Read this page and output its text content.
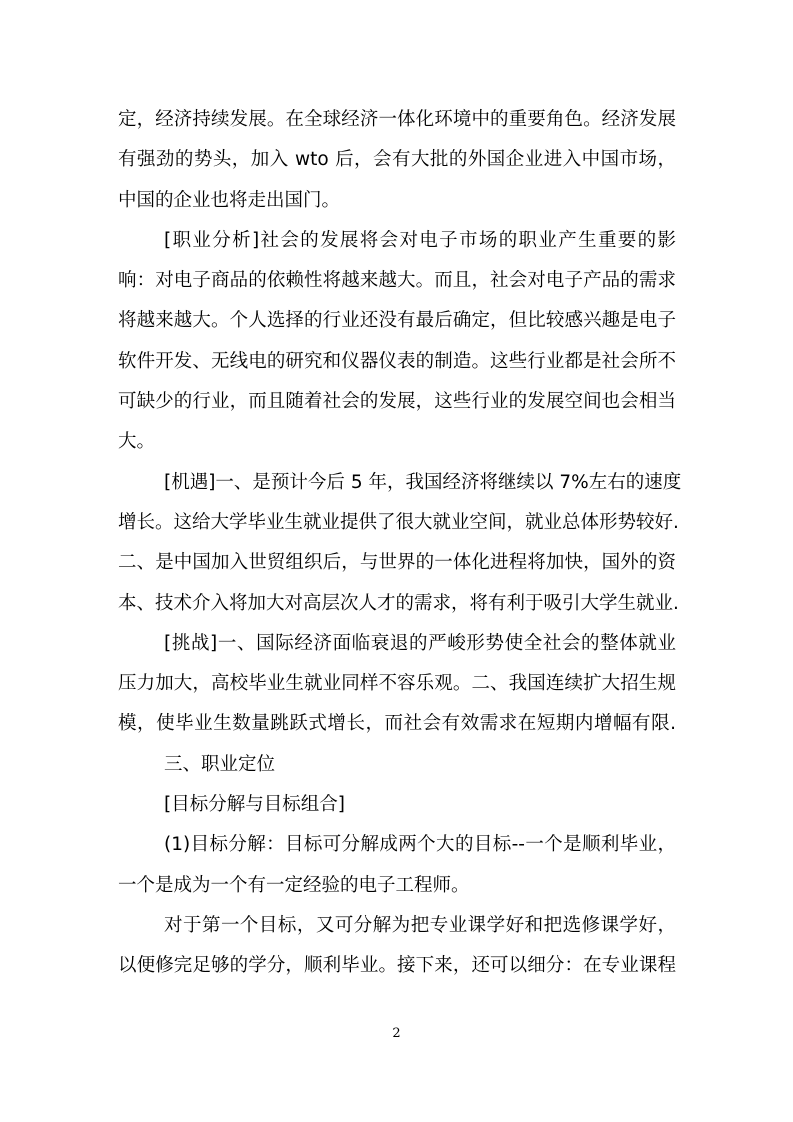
定，经济持续发展。在全球经济一体化环境中的重要角色。经济发展
有强劲的势头，加入 wto 后，会有大批的外国企业进入中国市场，
中国的企业也将走出国门。
[职业分析]社会的发展将会对电子市场的职业产生重要的影
响：对电子商品的依赖性将越来越大。而且，社会对电子产品的需求
将越来越大。个人选择的行业还没有最后确定，但比较感兴趣是电子
软件开发、无线电的研究和仪器仪表的制造。这些行业都是社会所不
可缺少的行业，而且随着社会的发展，这些行业的发展空间也会相当
大。
[机遇]一、是预计今后 5 年，我国经济将继续以 7%左右的速度
增长。这给大学毕业生就业提供了很大就业空间，就业总体形势较好.
二、是中国加入世贸组织后，与世界的一体化进程将加快，国外的资
本、技术介入将加大对高层次人才的需求，将有利于吸引大学生就业.
[挑战]一、国际经济面临衰退的严峻形势使全社会的整体就业
压力加大，高校毕业生就业同样不容乐观。二、我国连续扩大招生规
模，使毕业生数量跳跃式增长，而社会有效需求在短期内增幅有限.
三、职业定位
[目标分解与目标组合]
(1)目标分解：目标可分解成两个大的目标--一个是顺利毕业，
一个是成为一个有一定经验的电子工程师。
对于第一个目标，又可分解为把专业课学好和把选修课学好，
以便修完足够的学分，顺利毕业。接下来，还可以细分：在专业课程
2
